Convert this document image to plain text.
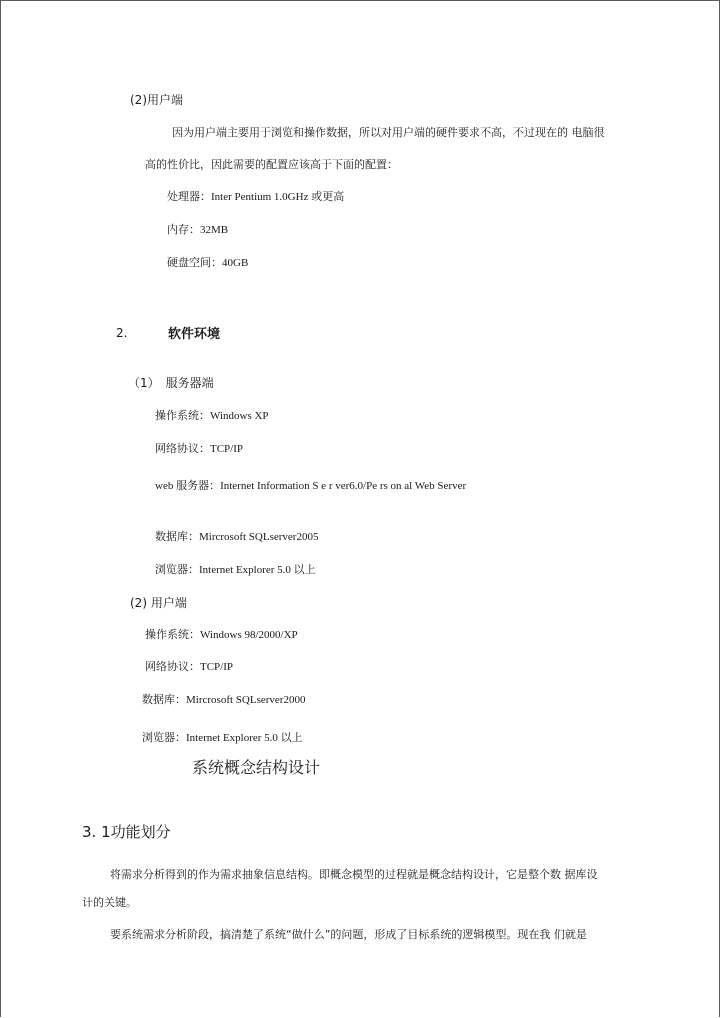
(2)用户端
因为用户端主要用于浏览和操作数据，所以对用户端的硬件要求不高，不过现在的 电脑很
高的性价比，因此需要的配置应该高于下面的配置：
处理器：Inter Pentium 1.0GHz 或更高
内存：32MB
硬盘空间：40GB
2.	软件环境
（1）　服务器端
操作系统：Windows XP
网络协议：TCP/IP
web 服务器：Internet Information S e r ver6.0/Pe rs on al Web Server
数据库：Mircrosoft SQLserver2005
浏览器：Internet Explorer 5.0 以上
(2) 用户端
操作系统：Windows 98/2000/XP
网络协议：TCP/IP
数据库：Mircrosoft SQLserver2000
浏览器：Internet Explorer 5.0 以上
系统概念结构设计
3. 1功能划分
将需求分析得到的作为需求抽象信息结构。即概念模型的过程就是概念结构设计，它是整个数 据库设
计的关键。
要系统需求分析阶段，搞清楚了系统“做什么”的问题，形成了目标系统的逻辑模型。现在我 们就是
